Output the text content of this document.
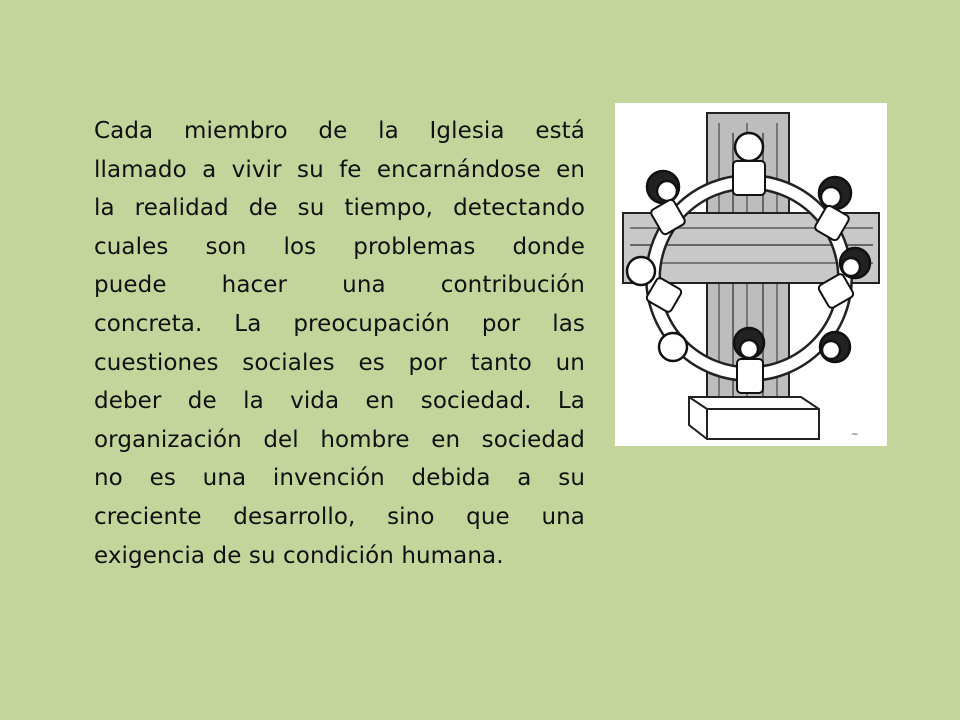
Cada miembro de la Iglesia está
llamado a vivir su fe encarnándose en
la realidad de su tiempo, detectando
cuales son los problemas donde
puede hacer una contribución
concreta. La preocupación por las
cuestiones sociales es por tanto un
deber de la vida en sociedad. La
organización del hombre en sociedad
no es una invención debida a su
creciente desarrollo, sino que una
exigencia de su condición humana.

~
